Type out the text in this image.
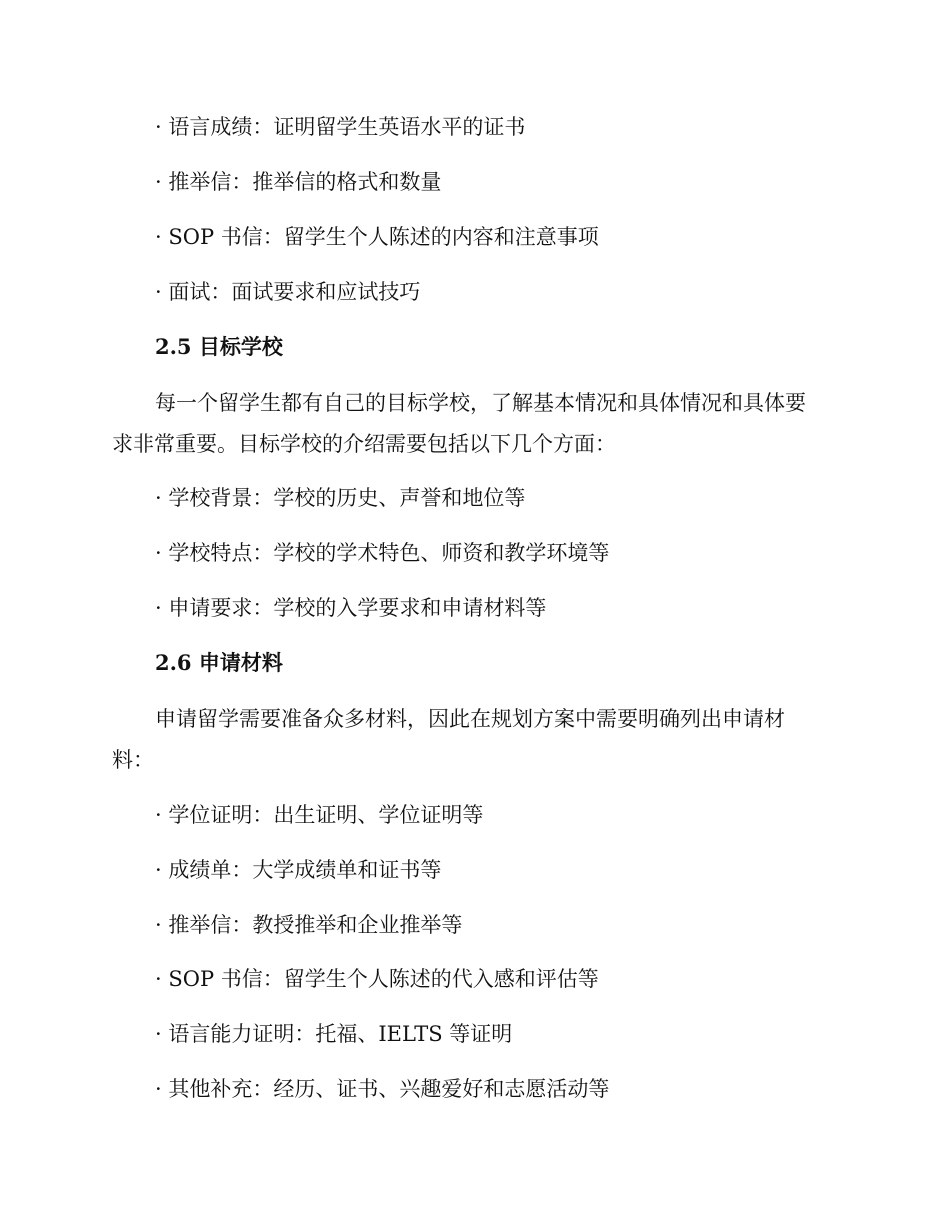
· 语言成绩：证明留学生英语水平的证书
· 推举信：推举信的格式和数量
· SOP 书信：留学生个人陈述的内容和注意事项
· 面试：面试要求和应试技巧
2.5 目标学校
每一个留学生都有自己的目标学校，了解基本情况和具体情况和具体要
求非常重要。目标学校的介绍需要包括以下几个方面：
· 学校背景：学校的历史、声誉和地位等
· 学校特点：学校的学术特色、师资和教学环境等
· 申请要求：学校的入学要求和申请材料等
2.6 申请材料
申请留学需要准备众多材料，因此在规划方案中需要明确列出申请材
料：
· 学位证明：出生证明、学位证明等
· 成绩单：大学成绩单和证书等
· 推举信：教授推举和企业推举等
· SOP 书信：留学生个人陈述的代入感和评估等
· 语言能力证明：托福、IELTS 等证明
· 其他补充：经历、证书、兴趣爱好和志愿活动等
